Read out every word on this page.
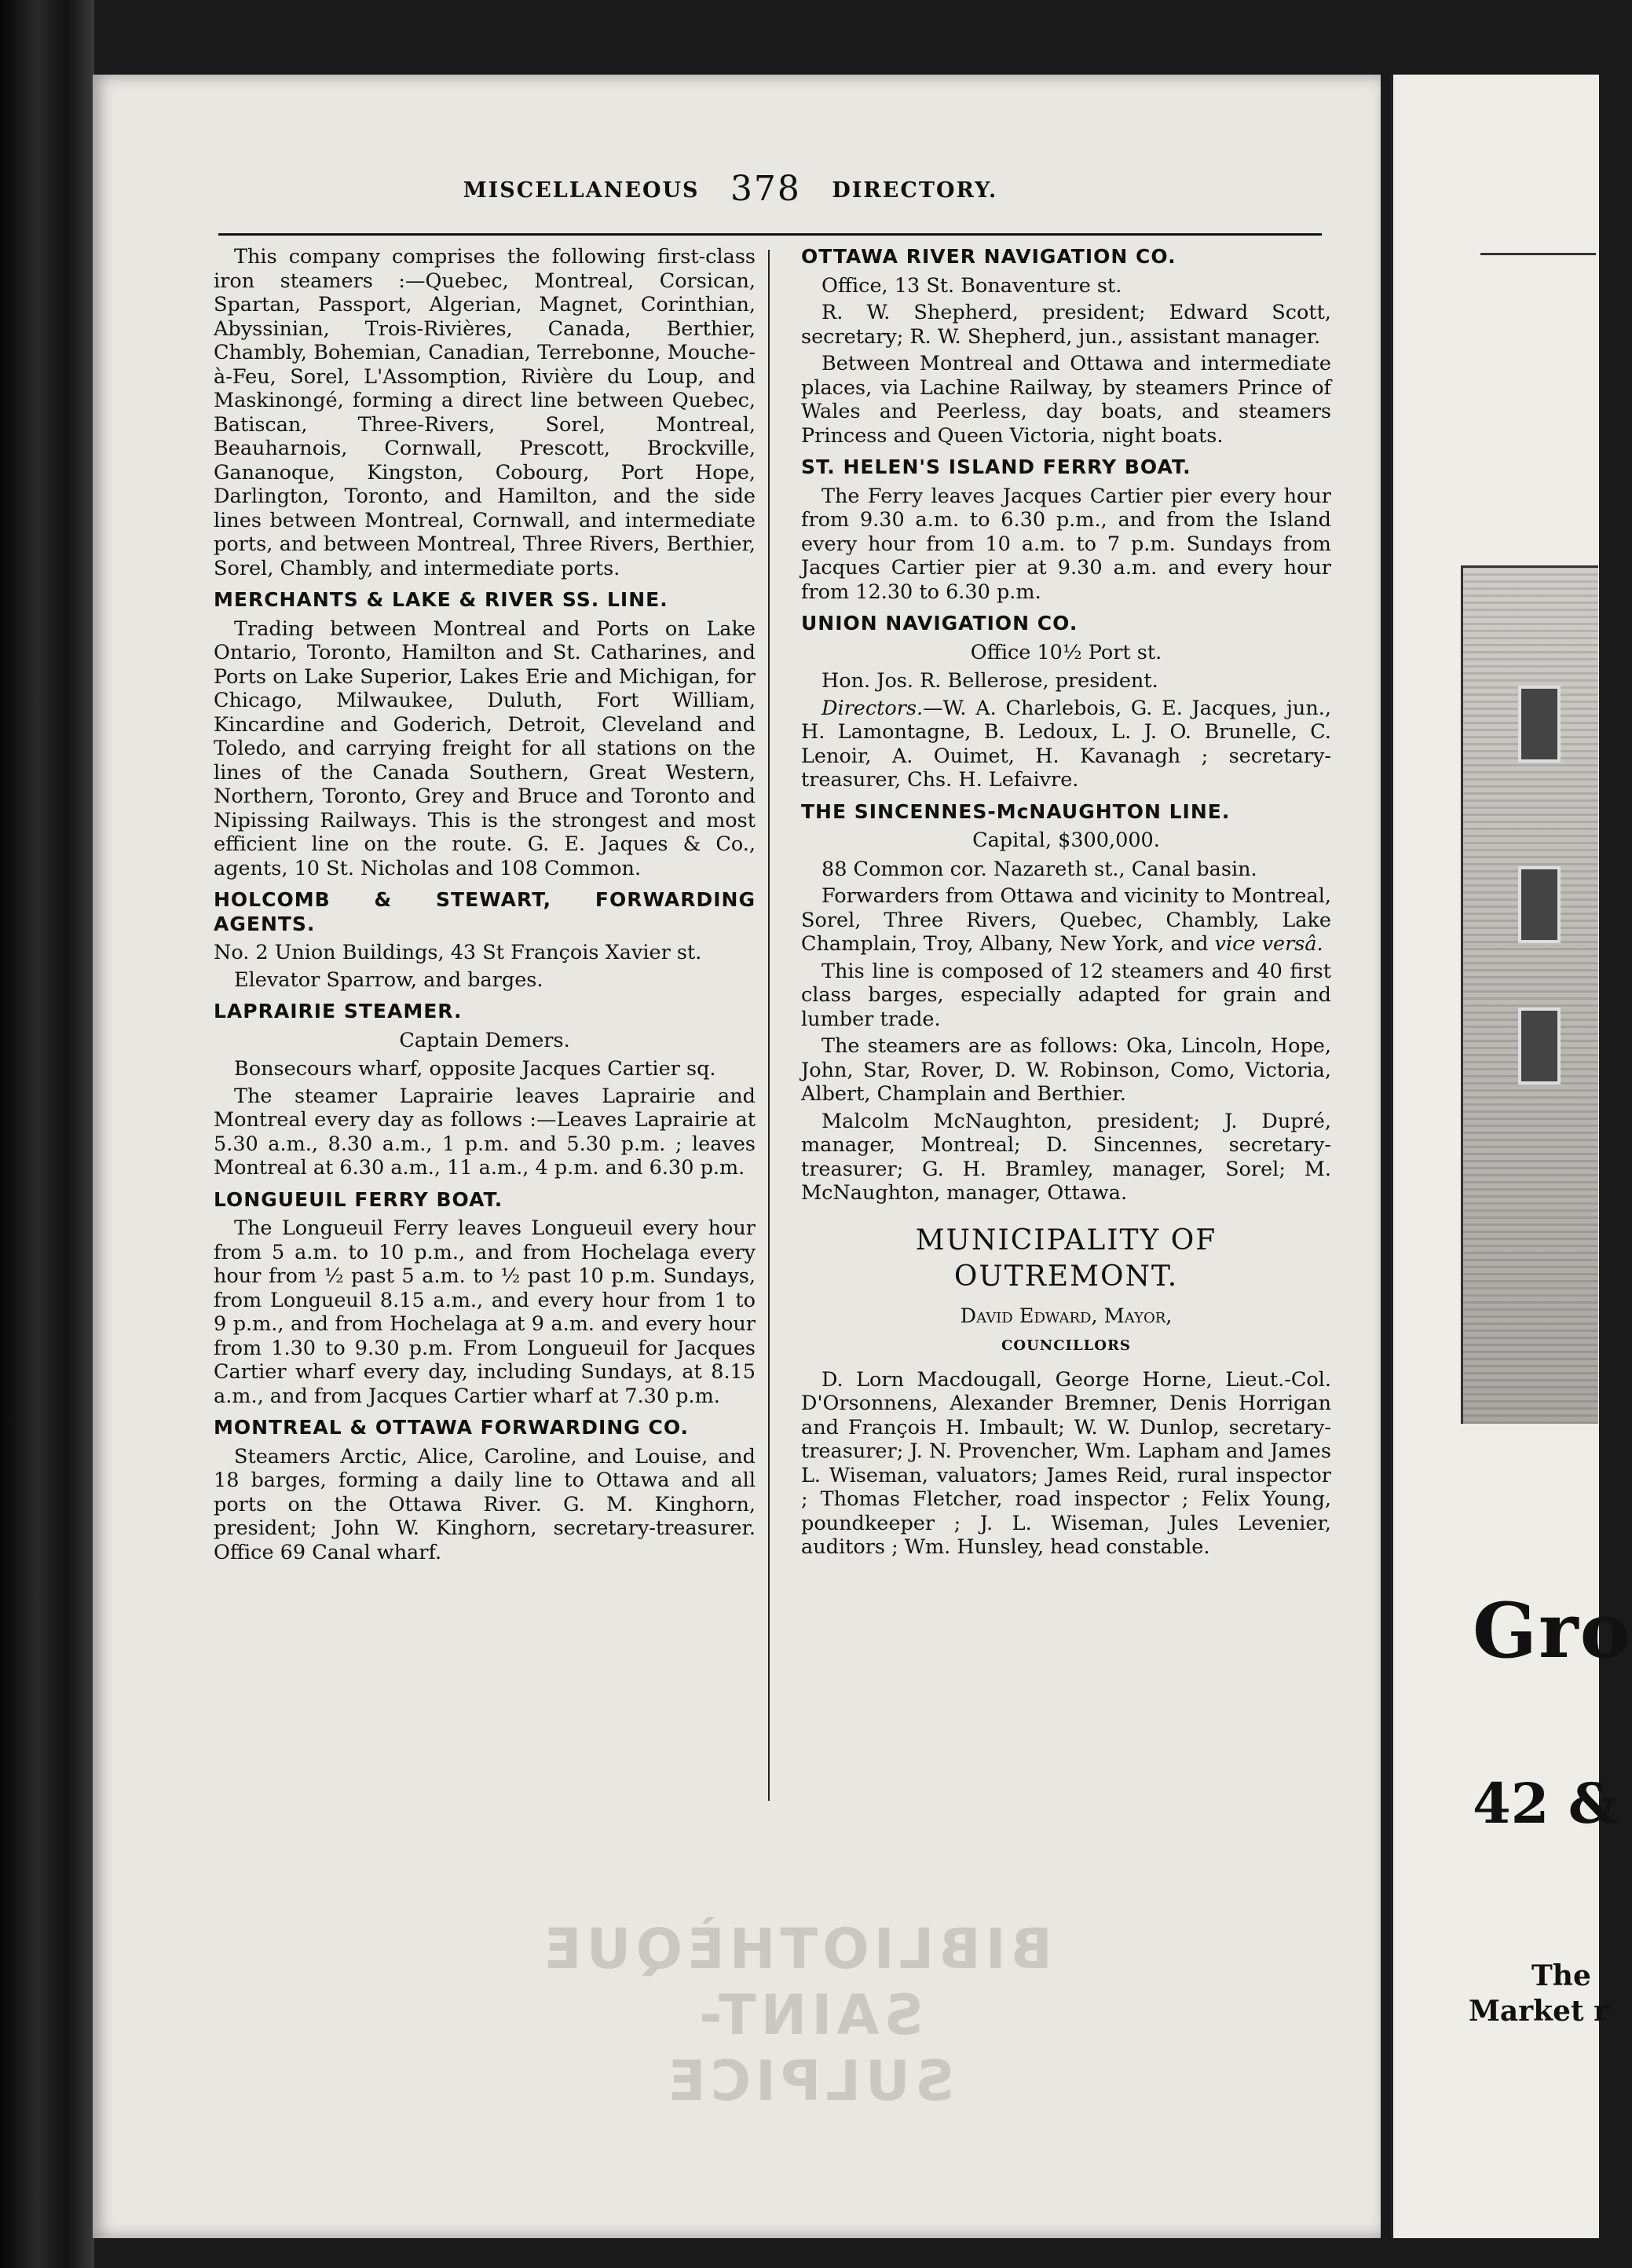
MISCELLANEOUS 378 DIRECTORY.

This company comprises the following first-class iron steamers :—Quebec, Montreal, Corsican, Spartan, Passport, Algerian, Magnet, Corinthian, Abyssinian, Trois-Rivières, Canada, Berthier, Chambly, Bohemian, Canadian, Terrebonne, Mouche-à-Feu, Sorel, L'Assomption, Rivière du Loup, and Maskinongé, forming a direct line between Quebec, Batiscan, Three-Rivers, Sorel, Montreal, Beauharnois, Cornwall, Prescott, Brockville, Gananoque, Kingston, Cobourg, Port Hope, Darlington, Toronto, and Hamilton, and the side lines between Montreal, Cornwall, and intermediate ports, and between Montreal, Three Rivers, Berthier, Sorel, Chambly, and intermediate ports.

MERCHANTS & LAKE & RIVER SS. LINE.

Trading between Montreal and Ports on Lake Ontario, Toronto, Hamilton and St. Catharines, and Ports on Lake Superior, Lakes Erie and Michigan, for Chicago, Milwaukee, Duluth, Fort William, Kincardine and Goderich, Detroit, Cleveland and Toledo, and carrying freight for all stations on the lines of the Canada Southern, Great Western, Northern, Toronto, Grey and Bruce and Toronto and Nipissing Railways. This is the strongest and most efficient line on the route. G. E. Jaques & Co., agents, 10 St. Nicholas and 108 Common.

HOLCOMB & STEWART, FORWARDING AGENTS.

No. 2 Union Buildings, 43 St François Xavier st.

Elevator Sparrow, and barges.

LAPRAIRIE STEAMER.

Captain Demers.

Bonsecours wharf, opposite Jacques Cartier sq.

The steamer Laprairie leaves Laprairie and Montreal every day as follows :—Leaves Laprairie at 5.30 a.m., 8.30 a.m., 1 p.m. and 5.30 p.m. ; leaves Montreal at 6.30 a.m., 11 a.m., 4 p.m. and 6.30 p.m.

LONGUEUIL FERRY BOAT.

The Longueuil Ferry leaves Longueuil every hour from 5 a.m. to 10 p.m., and from Hochelaga every hour from ½ past 5 a.m. to ½ past 10 p.m. Sundays, from Longueuil 8.15 a.m., and every hour from 1 to 9 p.m., and from Hochelaga at 9 a.m. and every hour from 1.30 to 9.30 p.m. From Longueuil for Jacques Cartier wharf every day, including Sundays, at 8.15 a.m., and from Jacques Cartier wharf at 7.30 p.m.

MONTREAL & OTTAWA FORWARDING CO.

Steamers Arctic, Alice, Caroline, and Louise, and 18 barges, forming a daily line to Ottawa and all ports on the Ottawa River. G. M. Kinghorn, president; John W. Kinghorn, secretary-treasurer. Office 69 Canal wharf.

OTTAWA RIVER NAVIGATION CO.

Office, 13 St. Bonaventure st.

R. W. Shepherd, president; Edward Scott, secretary; R. W. Shepherd, jun., assistant manager.

Between Montreal and Ottawa and intermediate places, via Lachine Railway, by steamers Prince of Wales and Peerless, day boats, and steamers Princess and Queen Victoria, night boats.

ST. HELEN'S ISLAND FERRY BOAT.

The Ferry leaves Jacques Cartier pier every hour from 9.30 a.m. to 6.30 p.m., and from the Island every hour from 10 a.m. to 7 p.m. Sundays from Jacques Cartier pier at 9.30 a.m. and every hour from 12.30 to 6.30 p.m.

UNION NAVIGATION CO.

Office 10½ Port st.

Hon. Jos. R. Bellerose, president.

Directors.—W. A. Charlebois, G. E. Jacques, jun., H. Lamontagne, B. Ledoux, L. J. O. Brunelle, C. Lenoir, A. Ouimet, H. Kavanagh ; secretary-treasurer, Chs. H. Lefaivre.

THE SINCENNES-McNAUGHTON LINE.

Capital, $300,000.

88 Common cor. Nazareth st., Canal basin.

Forwarders from Ottawa and vicinity to Montreal, Sorel, Three Rivers, Quebec, Chambly, Lake Champlain, Troy, Albany, New York, and vice versâ.

This line is composed of 12 steamers and 40 first class barges, especially adapted for grain and lumber trade.

The steamers are as follows: Oka, Lincoln, Hope, John, Star, Rover, D. W. Robinson, Como, Victoria, Albert, Champlain and Berthier.

Malcolm McNaughton, president; J. Dupré, manager, Montreal; D. Sincennes, secretary-treasurer; G. H. Bramley, manager, Sorel; M. McNaughton, manager, Ottawa.

MUNICIPALITY OF OUTREMONT.

David Edward, Mayor,

COUNCILLORS

D. Lorn Macdougall, George Horne, Lieut.-Col. D'Orsonnens, Alexander Bremner, Denis Horrigan and François H. Imbault; W. W. Dunlop, secretary-treasurer; J. N. Provencher, Wm. Lapham and James L. Wiseman, valuators; James Reid, rural inspector ; Thomas Fletcher, road inspector ; Felix Young, poundkeeper ; J. L. Wiseman, Jules Levenier, auditors ; Wm. Hunsley, head constable.

BIBLIOTHÈQUE
SAINT-SULPICE
Gro
42 &
The
Market r
